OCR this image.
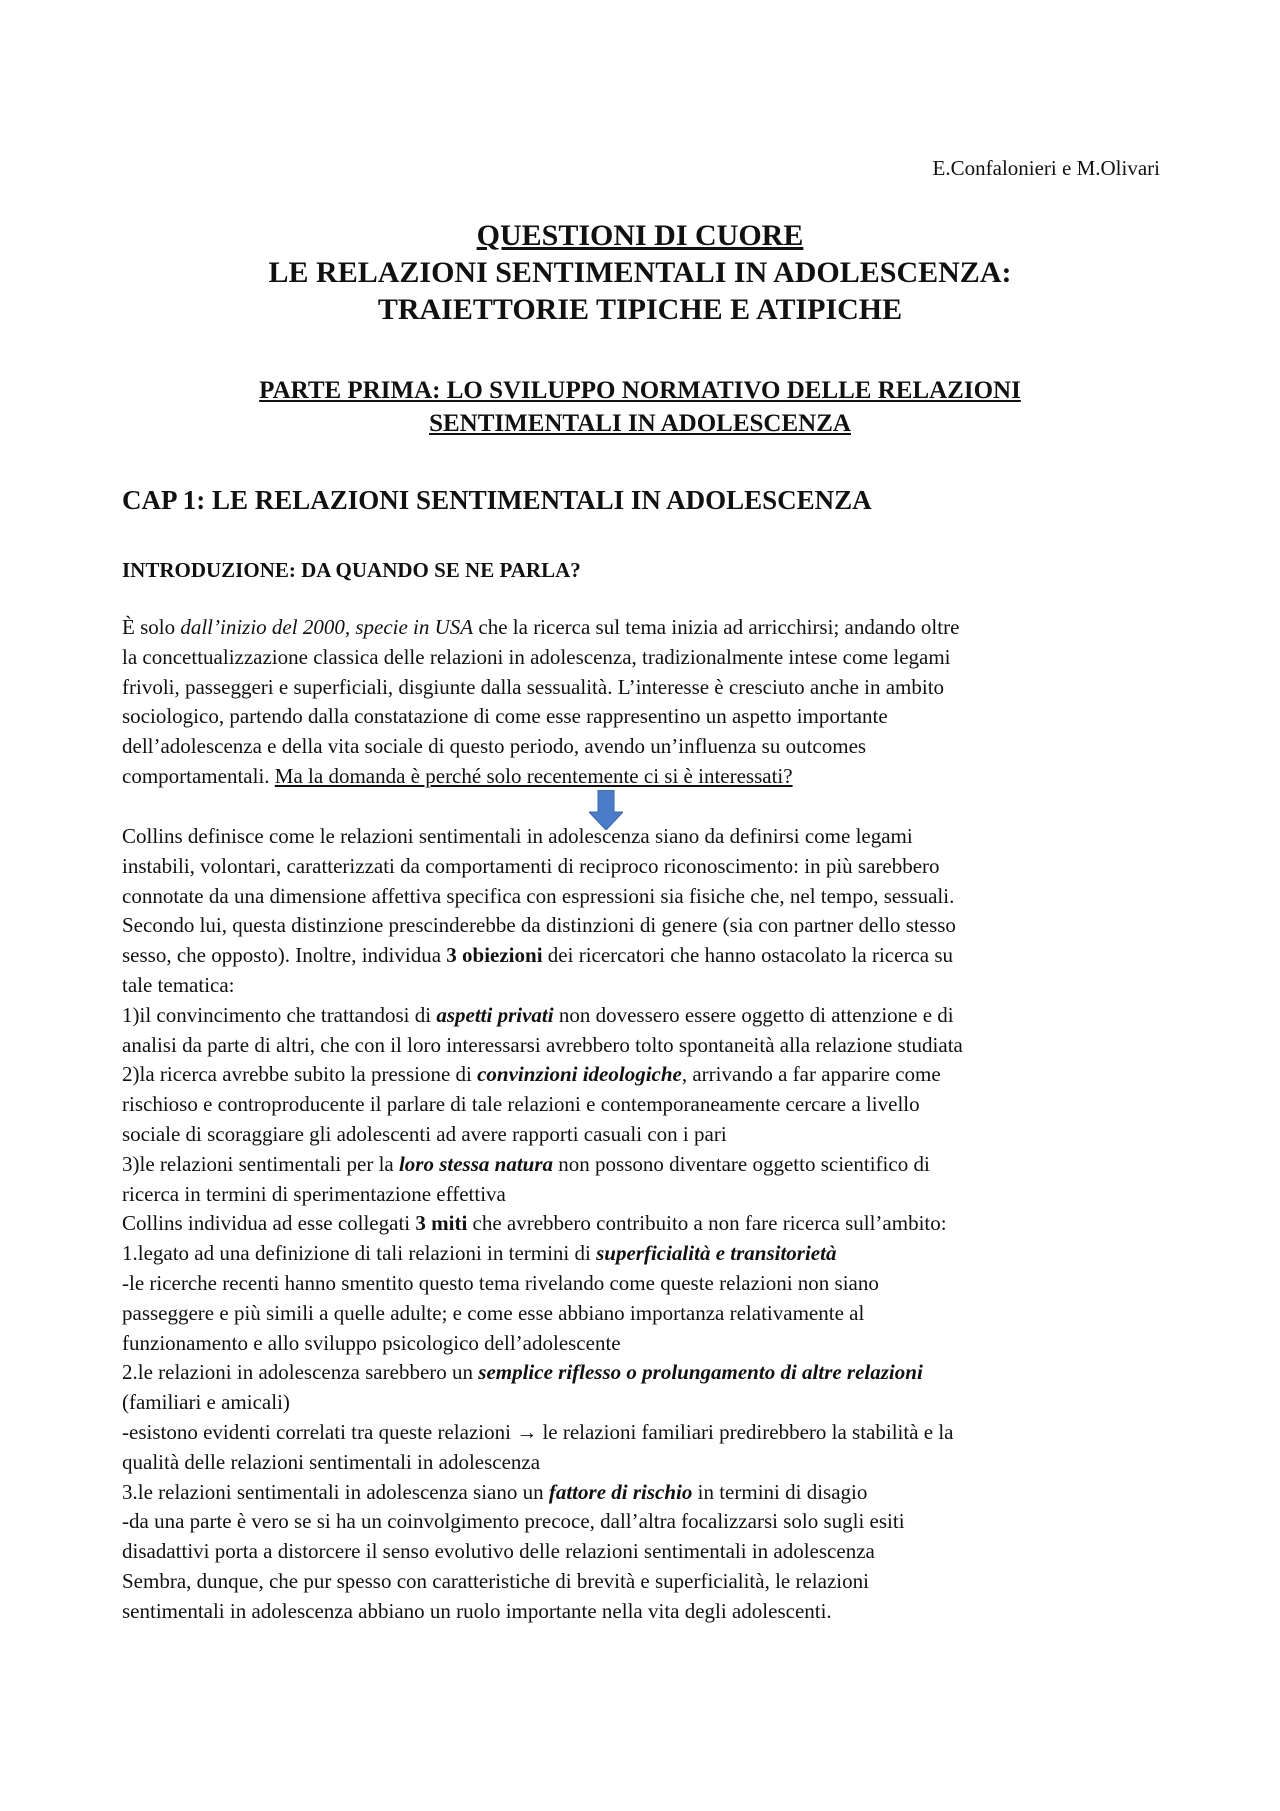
E.Confalonieri e M.Olivari
QUESTIONI DI CUORE
LE RELAZIONI SENTIMENTALI IN ADOLESCENZA:
TRAIETTORIE TIPICHE E ATIPICHE
PARTE PRIMA: LO SVILUPPO NORMATIVO DELLE RELAZIONI
SENTIMENTALI IN ADOLESCENZA
CAP 1: LE RELAZIONI SENTIMENTALI IN ADOLESCENZA
INTRODUZIONE: DA QUANDO SE NE PARLA?
È solo dall’inizio del 2000, specie in USA che la ricerca sul tema inizia ad arricchirsi; andando oltre
la concettualizzazione classica delle relazioni in adolescenza, tradizionalmente intese come legami
frivoli, passeggeri e superficiali, disgiunte dalla sessualità. L’interesse è cresciuto anche in ambito
sociologico, partendo dalla constatazione di come esse rappresentino un aspetto importante
dell’adolescenza e della vita sociale di questo periodo, avendo un’influenza su outcomes
comportamentali. Ma la domanda è perché solo recentemente ci si è interessati?
Collins definisce come le relazioni sentimentali in adolescenza siano da definirsi come legami
instabili, volontari, caratterizzati da comportamenti di reciproco riconoscimento: in più sarebbero
connotate da una dimensione affettiva specifica con espressioni sia fisiche che, nel tempo, sessuali.
Secondo lui, questa distinzione prescinderebbe da distinzioni di genere (sia con partner dello stesso
sesso, che opposto). Inoltre, individua 3 obiezioni dei ricercatori che hanno ostacolato la ricerca su
tale tematica:
1)il convincimento che trattandosi di aspetti privati non dovessero essere oggetto di attenzione e di
analisi da parte di altri, che con il loro interessarsi avrebbero tolto spontaneità alla relazione studiata
2)la ricerca avrebbe subito la pressione di convinzioni ideologiche, arrivando a far apparire come
rischioso e controproducente il parlare di tale relazioni e contemporaneamente cercare a livello
sociale di scoraggiare gli adolescenti ad avere rapporti casuali con i pari
3)le relazioni sentimentali per la loro stessa natura non possono diventare oggetto scientifico di
ricerca in termini di sperimentazione effettiva
Collins individua ad esse collegati 3 miti che avrebbero contribuito a non fare ricerca sull’ambito:
1.legato ad una definizione di tali relazioni in termini di superficialità e transitorietà
-le ricerche recenti hanno smentito questo tema rivelando come queste relazioni non siano
passeggere e più simili a quelle adulte; e come esse abbiano importanza relativamente al
funzionamento e allo sviluppo psicologico dell’adolescente
2.le relazioni in adolescenza sarebbero un semplice riflesso o prolungamento di altre relazioni
(familiari e amicali)
-esistono evidenti correlati tra queste relazioni → le relazioni familiari predirebbero la stabilità e la
qualità delle relazioni sentimentali in adolescenza
3.le relazioni sentimentali in adolescenza siano un fattore di rischio in termini di disagio
-da una parte è vero se si ha un coinvolgimento precoce, dall’altra focalizzarsi solo sugli esiti
disadattivi porta a distorcere il senso evolutivo delle relazioni sentimentali in adolescenza
Sembra, dunque, che pur spesso con caratteristiche di brevità e superficialità, le relazioni
sentimentali in adolescenza abbiano un ruolo importante nella vita degli adolescenti.
